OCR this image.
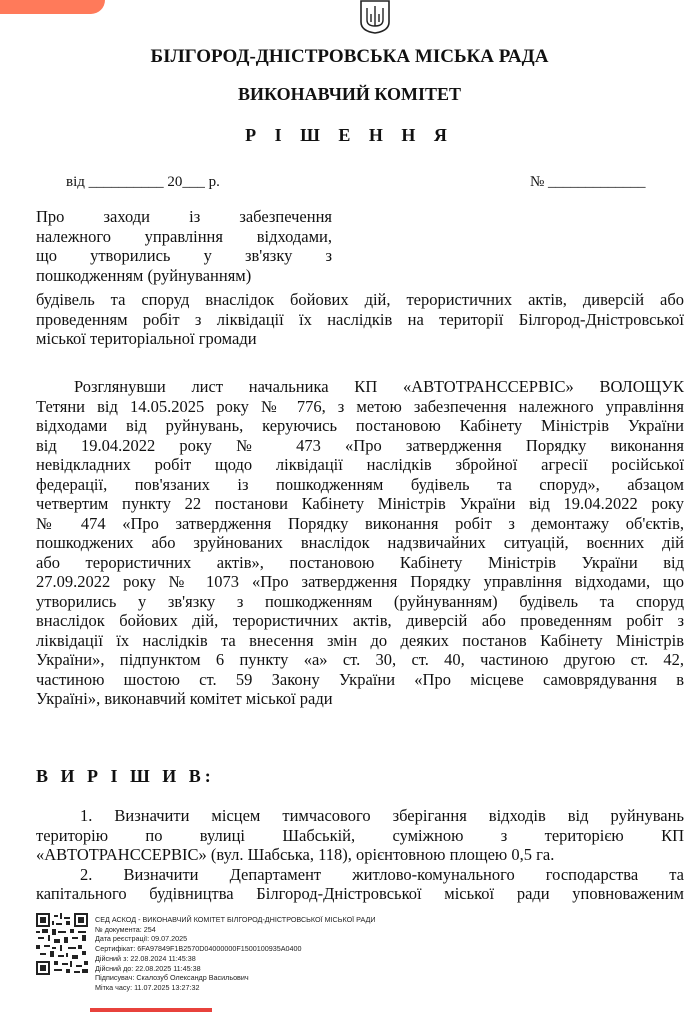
БІЛГОРОД-ДНІСТРОВСЬКА МІСЬКА РАДА
ВИКОНАВЧИЙ КОМІТЕТ
Р І Ш Е Н Н Я
від __________ 20___ р.	№ _____________
Про заходи із забезпечення
належного управління відходами,
що утворились у зв'язку з
пошкодженням (руйнуванням)
будівель та споруд внаслідок бойових дій, терористичних актів, диверсій або
проведенням робіт з ліквідації їх наслідків на території Білгород-Дністровської
міської територіальної громади
Розглянувши лист начальника КП «АВТОТРАНССЕРВІС» ВОЛОЩУК
Тетяни від 14.05.2025 року № 776, з метою забезпечення належного управління
відходами від руйнувань, керуючись постановою Кабінету Міністрів України
від 19.04.2022 року № 473 «Про затвердження Порядку виконання
невідкладних робіт щодо ліквідації наслідків збройної агресії російської
федерації, пов'язаних із пошкодженням будівель та споруд», абзацом
четвертим пункту 22 постанови Кабінету Міністрів України від 19.04.2022 року
№ 474 «Про затвердження Порядку виконання робіт з демонтажу об'єктів,
пошкоджених або зруйнованих внаслідок надзвичайних ситуацій, воєнних дій
або терористичних актів», постановою Кабінету Міністрів України від
27.09.2022 року № 1073 «Про затвердження Порядку управління відходами, що
утворились у зв'язку з пошкодженням (руйнуванням) будівель та споруд
внаслідок бойових дій, терористичних актів, диверсій або проведенням робіт з
ліквідації їх наслідків та внесення змін до деяких постанов Кабінету Міністрів
України», підпунктом 6 пункту «а» ст. 30, ст. 40, частиною другою ст. 42,
частиною шостою ст. 59 Закону України «Про місцеве самоврядування в
Україні», виконавчий комітет міської ради
В И Р І Ш И В:
1. Визначити місцем тимчасового зберігання відходів від руйнувань
територію по вулиці Шабській, суміжною з територією КП
«АВТОТРАНССЕРВІС» (вул. Шабська, 118), орієнтовною площею 0,5 га.
2. Визначити Департамент житлово-комунального господарства та
капітального будівництва Білгород-Дністровської міської ради уповноваженим
СЕД АСКОД - ВИКОНАВЧИЙ КОМІТЕТ БІЛГОРОД-ДНІСТРОВСЬКОЇ МІСЬКОЇ РАДИ
№ документа: 254
Дата реєстрації: 09.07.2025
Сертифікат: 6FA97849F1B2570D04000000F1500100935A0400
Дійсний з: 22.08.2024 11:45:38
Дійсний до: 22.08.2025 11:45:38
Підписувач: Скалозуб Олександр Васильович
Мітка часу: 11.07.2025 13:27:32
